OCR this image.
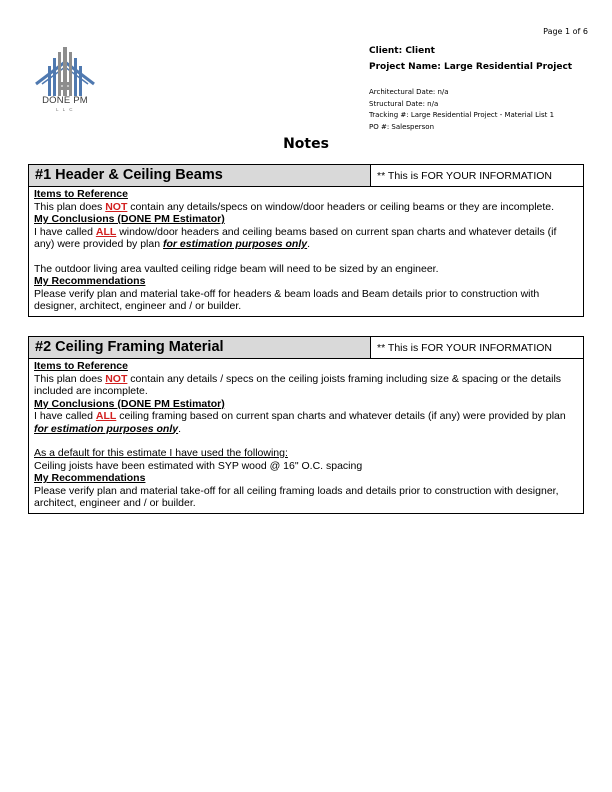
Page 1 of 6
DONE PM
L L C
Client: Client
Project Name: Large Residential Project
Architectural Date: n/a
Structural Date: n/a
Tracking #: Large Residential Project - Material List 1
PO #: Salesperson
Notes
#1 Header & Ceiling Beams	** This is FOR YOUR INFORMATION
Items to Reference
This plan does NOT contain any details/specs on window/door headers or ceiling beams or they are incomplete.
My Conclusions (DONE PM Estimator)
I have called ALL window/door headers and ceiling beams based on current span charts and whatever details (if any) were provided by plan for estimation purposes only.
The outdoor living area vaulted ceiling ridge beam will need to be sized by an engineer.
My Recommendations
Please verify plan and material take-off for headers & beam loads and Beam details prior to construction with designer, architect, engineer and / or builder.
#2 Ceiling Framing Material	** This is FOR YOUR INFORMATION
Items to Reference
This plan does NOT contain any details / specs on the ceiling joists framing including size & spacing or the details included are incomplete.
My Conclusions (DONE PM Estimator)
I have called ALL ceiling framing based on current span charts and whatever details (if any) were provided by plan for estimation purposes only.
As a default for this estimate I have used the following:
Ceiling joists have been estimated with SYP wood @ 16" O.C. spacing
My Recommendations
Please verify plan and material take-off for all ceiling framing loads and details prior to construction with designer, architect, engineer and / or builder.
